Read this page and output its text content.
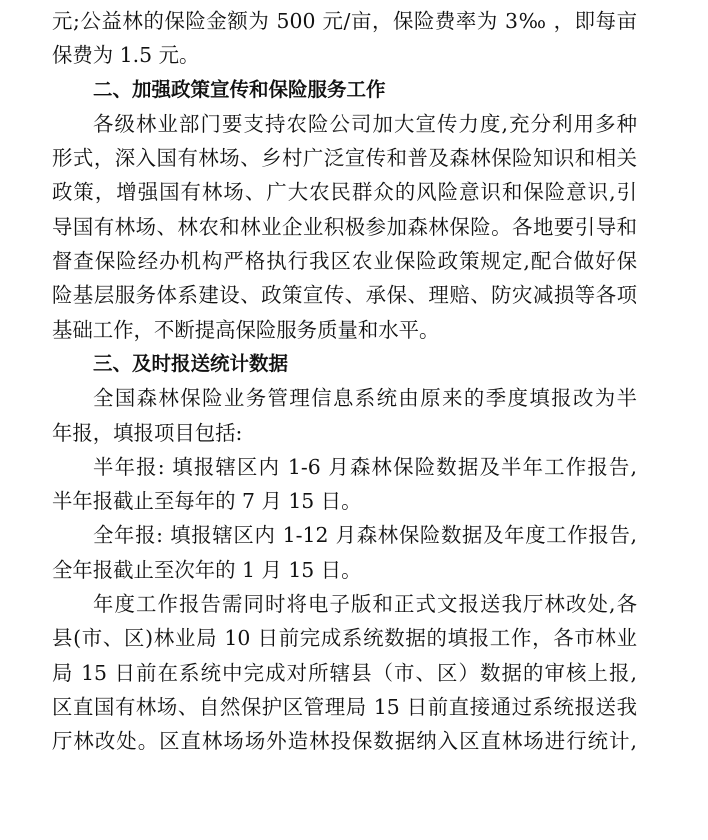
元;公益林的保险金额为 500 元/亩，保险费率为 3‰ ，即每亩
保费为 1.5 元。
二、加强政策宣传和保险服务工作
各级林业部门要支持农险公司加大宣传力度,充分利用多种
形式，深入国有林场、乡村广泛宣传和普及森林保险知识和相关
政策，增强国有林场、广大农民群众的风险意识和保险意识,引
导国有林场、林农和林业企业积极参加森林保险。各地要引导和
督查保险经办机构严格执行我区农业保险政策规定,配合做好保
险基层服务体系建设、政策宣传、承保、理赔、防灾减损等各项
基础工作，不断提高保险服务质量和水平。
三、及时报送统计数据
全国森林保险业务管理信息系统由原来的季度填报改为半
年报，填报项目包括:
半年报: 填报辖区内 1-6 月森林保险数据及半年工作报告,
半年报截止至每年的 7 月 15 日。
全年报: 填报辖区内 1-12 月森林保险数据及年度工作报告,
全年报截止至次年的 1 月 15 日。
年度工作报告需同时将电子版和正式文报送我厅林改处,各
县(市、区)林业局 10 日前完成系统数据的填报工作，各市林业
局 15 日前在系统中完成对所辖县（市、区）数据的审核上报,
区直国有林场、自然保护区管理局 15 日前直接通过系统报送我
厅林改处。区直林场场外造林投保数据纳入区直林场进行统计,
